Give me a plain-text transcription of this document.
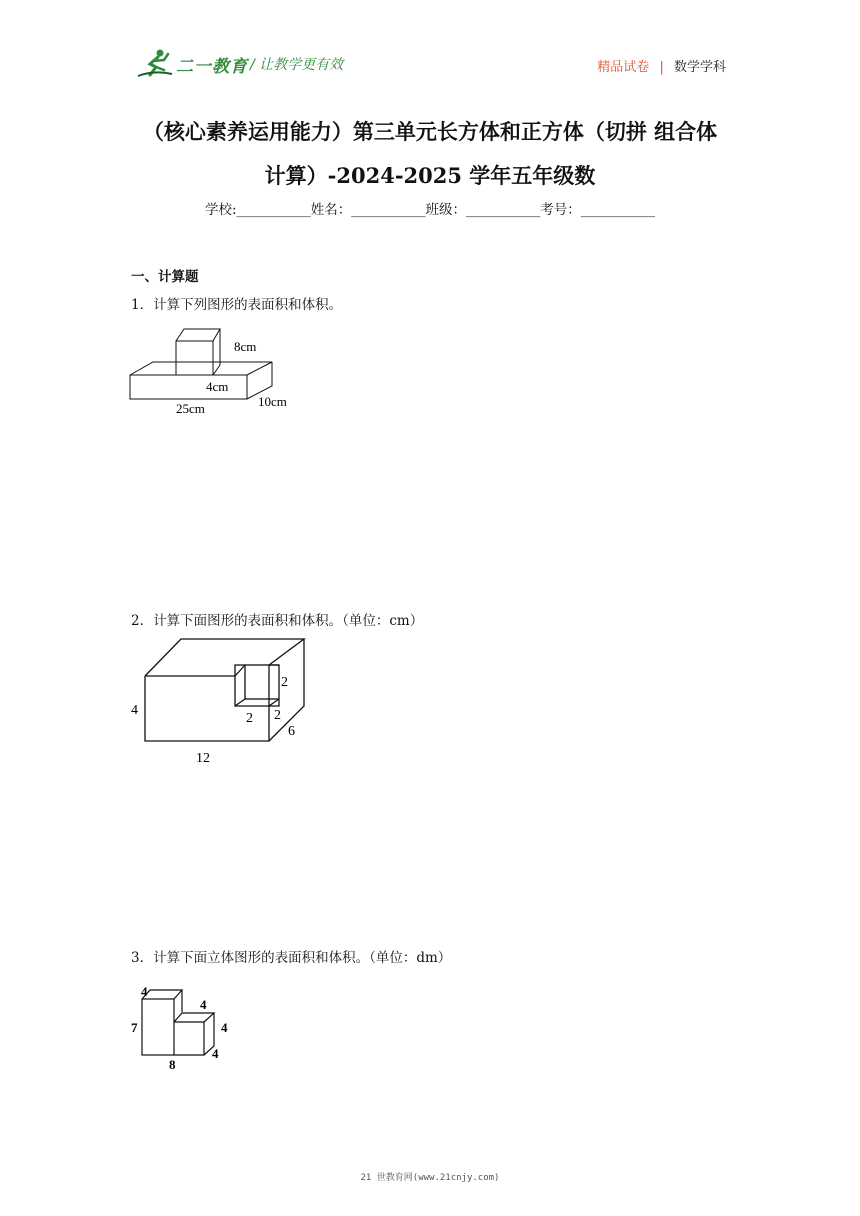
二一教育 / 让教学更有效	精品试卷 | 数学学科
（核心素养运用能力）第三单元长方体和正方体（切拼 组合体
计算）-2024-2025 学年五年级数
学校:___________姓名：___________班级：___________考号：___________
一、计算题
1．计算下列图形的表面积和体积。
8cm
4cm
25cm	10cm
2．计算下面图形的表面积和体积。（单位：cm）
4
12
2
2 2
6
3．计算下面立体图形的表面积和体积。（单位：dm）
4
4
7	4
8
4
21 世教育网(www.21cnjy.com)
